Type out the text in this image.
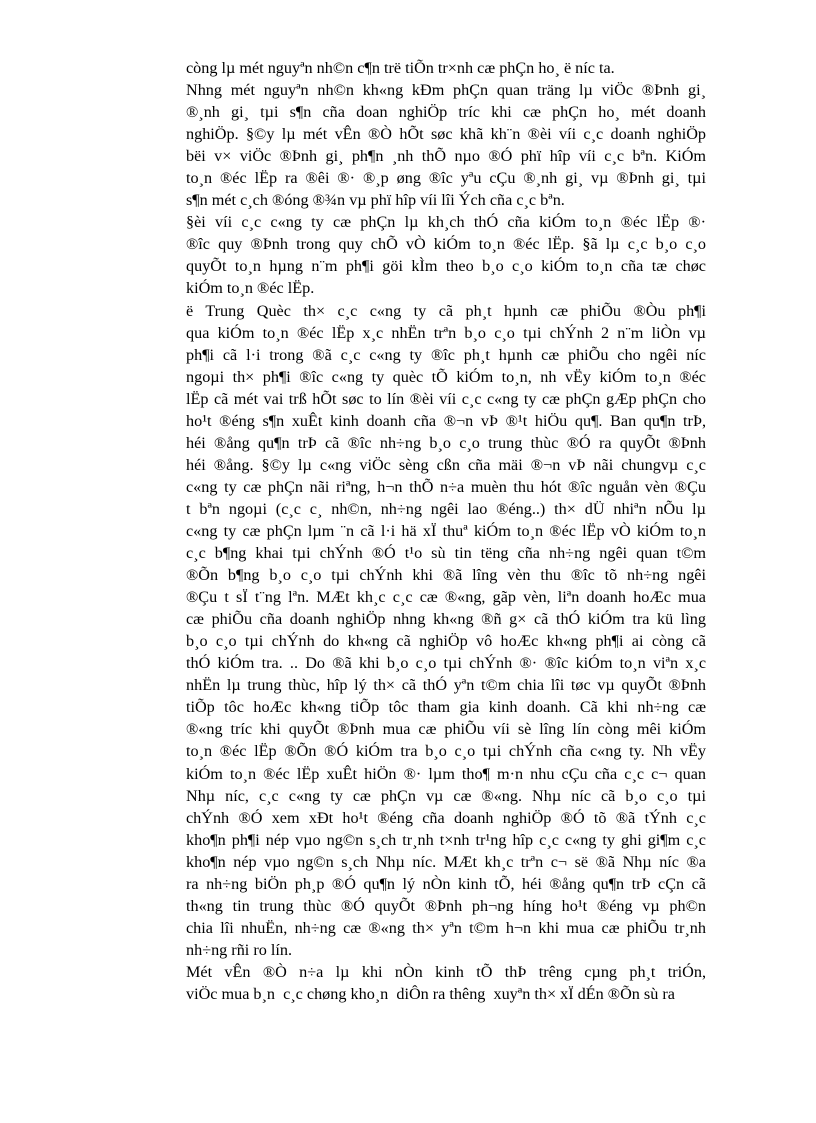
còng lµ mét nguyªn nh©n c¶n trë tiÕn tr×nh cæ phÇn ho¸ ë níc ta.
Nhng mét nguyªn nh©n kh«ng kÐm phÇn quan träng lµ viÖc ®Þnh gi¸
®¸nh gi¸ tµi s¶n cña doan nghiÖp tríc khi cæ phÇn ho¸ mét doanh
nghiÖp. §©y lµ mét vÊn ®Ò hÕt søc khã kh¨n ®èi víi c¸c doanh nghiÖp
bëi v× viÖc ®Þnh gi¸ ph¶n ¸nh thÕ nµo ®Ó phï hîp víi c¸c bªn. KiÓm
to¸n ®éc lËp ra ®êi ®· ®¸p øng ®îc yªu cÇu ®¸nh gi¸ vµ ®Þnh gi¸ tµi
s¶n mét c¸ch ®óng ®¾n vµ phï hîp víi lîi Ých cña c¸c bªn.
§èi víi c¸c c«ng ty cæ phÇn lµ kh¸ch thÓ cña kiÓm to¸n ®éc lËp ®·
®îc quy ®Þnh trong quy chÕ vÒ kiÓm to¸n ®éc lËp. §ã lµ c¸c b¸o c¸o
quyÕt to¸n hµng n¨m ph¶i göi kÌm theo b¸o c¸o kiÓm to¸n cña tæ chøc
kiÓm to¸n ®éc lËp.
ë Trung Quèc th× c¸c c«ng ty cã ph¸t hµnh cæ phiÕu ®Òu ph¶i
qua kiÓm to¸n ®éc lËp x¸c nhËn trªn b¸o c¸o tµi chÝnh 2 n¨m liÒn vµ
ph¶i cã l·i trong ®ã c¸c c«ng ty ®îc ph¸t hµnh cæ phiÕu cho ngêi níc
ngoµi th× ph¶i ®îc c«ng ty quèc tÕ kiÓm to¸n, nh vËy kiÓm to¸n ®éc
lËp cã mét vai trß hÕt søc to lín ®èi víi c¸c c«ng ty cæ phÇn gÆp phÇn cho
ho¹t ®éng s¶n xuÊt kinh doanh cña ®¬n vÞ ®¹t hiÖu qu¶. Ban qu¶n trÞ,
héi ®ång qu¶n trÞ cã ®îc nh÷ng b¸o c¸o trung thùc ®Ó ra quyÕt ®Þnh
héi ®ång. §©y lµ c«ng viÖc sèng cßn cña mäi ®¬n vÞ nãi chungvµ c¸c
c«ng ty cæ phÇn nãi riªng, h¬n thÕ n÷a muèn thu hót ®îc nguån vèn ®Çu
t bªn ngoµi (c¸c c¸ nh©n, nh÷ng ngêi lao ®éng..) th× dÜ nhiªn nÕu lµ
c«ng ty cæ phÇn lµm ¨n cã l·i hä xÏ thuª kiÓm to¸n ®éc lËp vÒ kiÓm to¸n
c¸c b¶ng khai tµi chÝnh ®Ó t¹o sù tin tëng cña nh÷ng ngêi quan t©m
®Õn b¶ng b¸o c¸o tµi chÝnh khi ®ã lîng vèn thu ®îc tõ nh÷ng ngêi
®Çu t sÏ t¨ng lªn. MÆt kh¸c c¸c cæ ®«ng, gãp vèn, liªn doanh hoÆc mua
cæ phiÕu cña doanh nghiÖp nhng kh«ng ®ñ g× cã thÓ kiÓm tra kü lìng
b¸o c¸o tµi chÝnh do kh«ng cã nghiÖp vô hoÆc kh«ng ph¶i ai còng cã
thÓ kiÓm tra. .. Do ®ã khi b¸o c¸o tµi chÝnh ®· ®îc kiÓm to¸n viªn x¸c
nhËn lµ trung thùc, hîp lý th× cã thÓ yªn t©m chia lîi tøc vµ quyÕt ®Þnh
tiÕp tôc hoÆc kh«ng tiÕp tôc tham gia kinh doanh. Cã khi nh÷ng cæ
®«ng tríc khi quyÕt ®Þnh mua cæ phiÕu víi sè lîng lín còng mêi kiÓm
to¸n ®éc lËp ®Õn ®Ó kiÓm tra b¸o c¸o tµi chÝnh cña c«ng ty. Nh vËy
kiÓm to¸n ®éc lËp xuÊt hiÖn ®· lµm tho¶ m·n nhu cÇu cña c¸c c¬ quan
Nhµ níc, c¸c c«ng ty cæ phÇn vµ cæ ®«ng. Nhµ níc cã b¸o c¸o tµi
chÝnh ®Ó xem xÐt ho¹t ®éng cña doanh nghiÖp ®Ó tõ ®ã tÝnh c¸c
kho¶n ph¶i nép vµo ng©n s¸ch tr¸nh t×nh tr¹ng hîp c¸c c«ng ty ghi gi¶m c¸c
kho¶n nép vµo ng©n s¸ch Nhµ níc. MÆt kh¸c trªn c¬ së ®ã Nhµ níc ®a
ra nh÷ng biÖn ph¸p ®Ó qu¶n lý nÒn kinh tÕ, héi ®ång qu¶n trÞ cÇn cã
th«ng tin trung thùc ®Ó quyÕt ®Þnh ph¬ng híng ho¹t ®éng vµ ph©n
chia lîi nhuËn, nh÷ng cæ ®«ng th× yªn t©m h¬n khi mua cæ phiÕu tr¸nh
nh÷ng rñi ro lín.
Mét vÊn ®Ò n÷a lµ khi nÒn kinh tÕ thÞ trêng cµng ph¸t triÓn,
viÖc mua b¸n  c¸c chøng kho¸n  diÔn ra thêng  xuyªn th× xÏ dÉn ®Õn sù ra
